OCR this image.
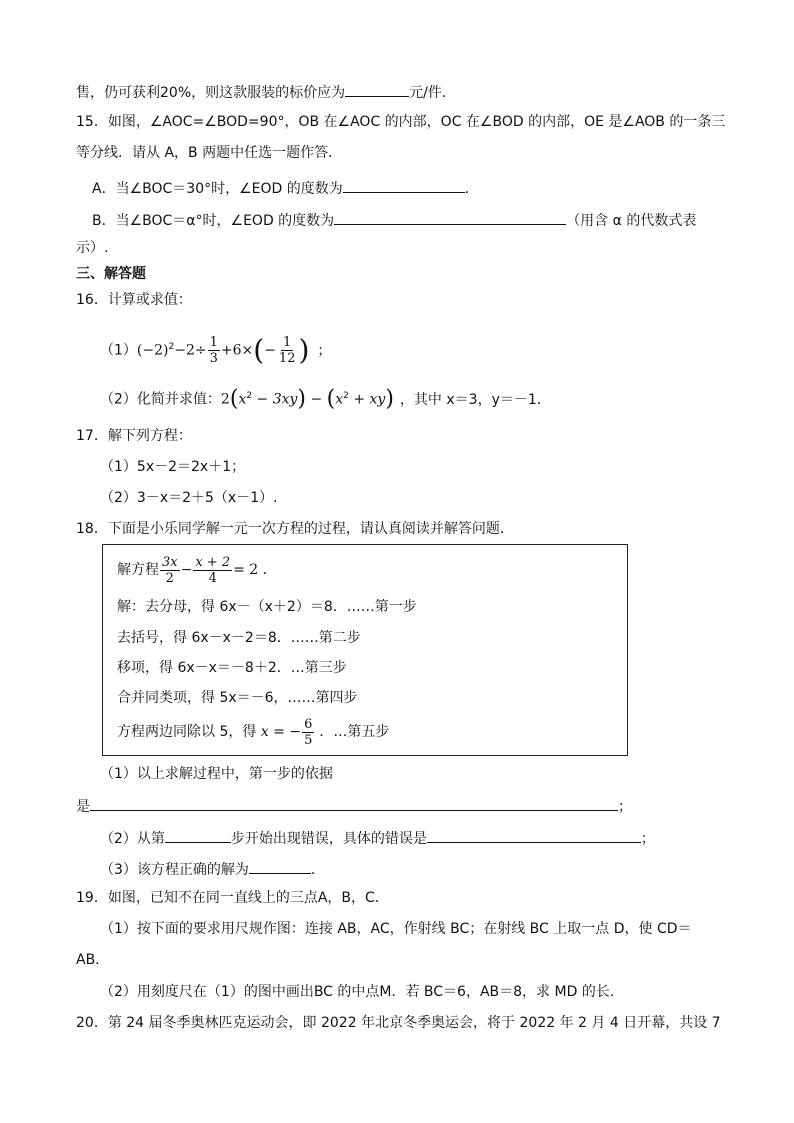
售，仍可获利20%，则这款服装的标价应为	元/件．
15．如图，∠AOC=∠BOD=90°，OB 在∠AOC 的内部，OC 在∠BOD 的内部，OE 是∠AOB 的一条三
等分线．请从 A，B 两题中任选一题作答．
A．当∠BOC＝30°时，∠EOD 的度数为	．
B．当∠BOC＝α°时，∠EOD 的度数为	（用含 α 的代数式表
示）.
三、解答题
16．计算或求值：
$(1)(-2)^2-2\div \frac{1}{3} +6\times(- \frac{1}{12}$ ) ；
（2）化简并求值：$2(x^2 - 3xy) - (x^2 + xy)$ ，其中 x＝3，y＝－1．
17．解下列方程：
（1）5x－2＝2x＋1；
（2）3－x＝2＋5（x－1）.
18．下面是小乐同学解一元一次方程的过程，请认真阅读并解答问题．
解方程 $\frac{3x}{2} - \frac{x + 2}{4} = 2$ ．
解：去分母，得 6x－（x＋2）＝8．……第一步
去括号，得 6x－x－2＝8．……第二步
移项，得 6x－x＝－8＋2．…第三步
合并同类项，得 5x＝－6，……第四步
方程两边同除以 5，得 x = − $\frac{6}{5}$ ．…第五步
（1）以上求解过程中，第一步的依据
是	；
（2）从第	步开始出现错误，具体的错误是	；
（3）该方程正确的解为	．
19．如图，已知不在同一直线上的三点A，B，C．
（1）按下面的要求用尺规作图：连接 AB，AC，作射线 BC；在射线 BC 上取一点 D，使 CD＝
AB．
（2）用刻度尺在（1）的图中画出BC 的中点M．若 BC＝6，AB＝8，求 MD 的长．
20．第 24 届冬季奥林匹克运动会，即 2022 年北京冬季奥运会，将于 2022 年 2 月 4 日开幕，共设 7
